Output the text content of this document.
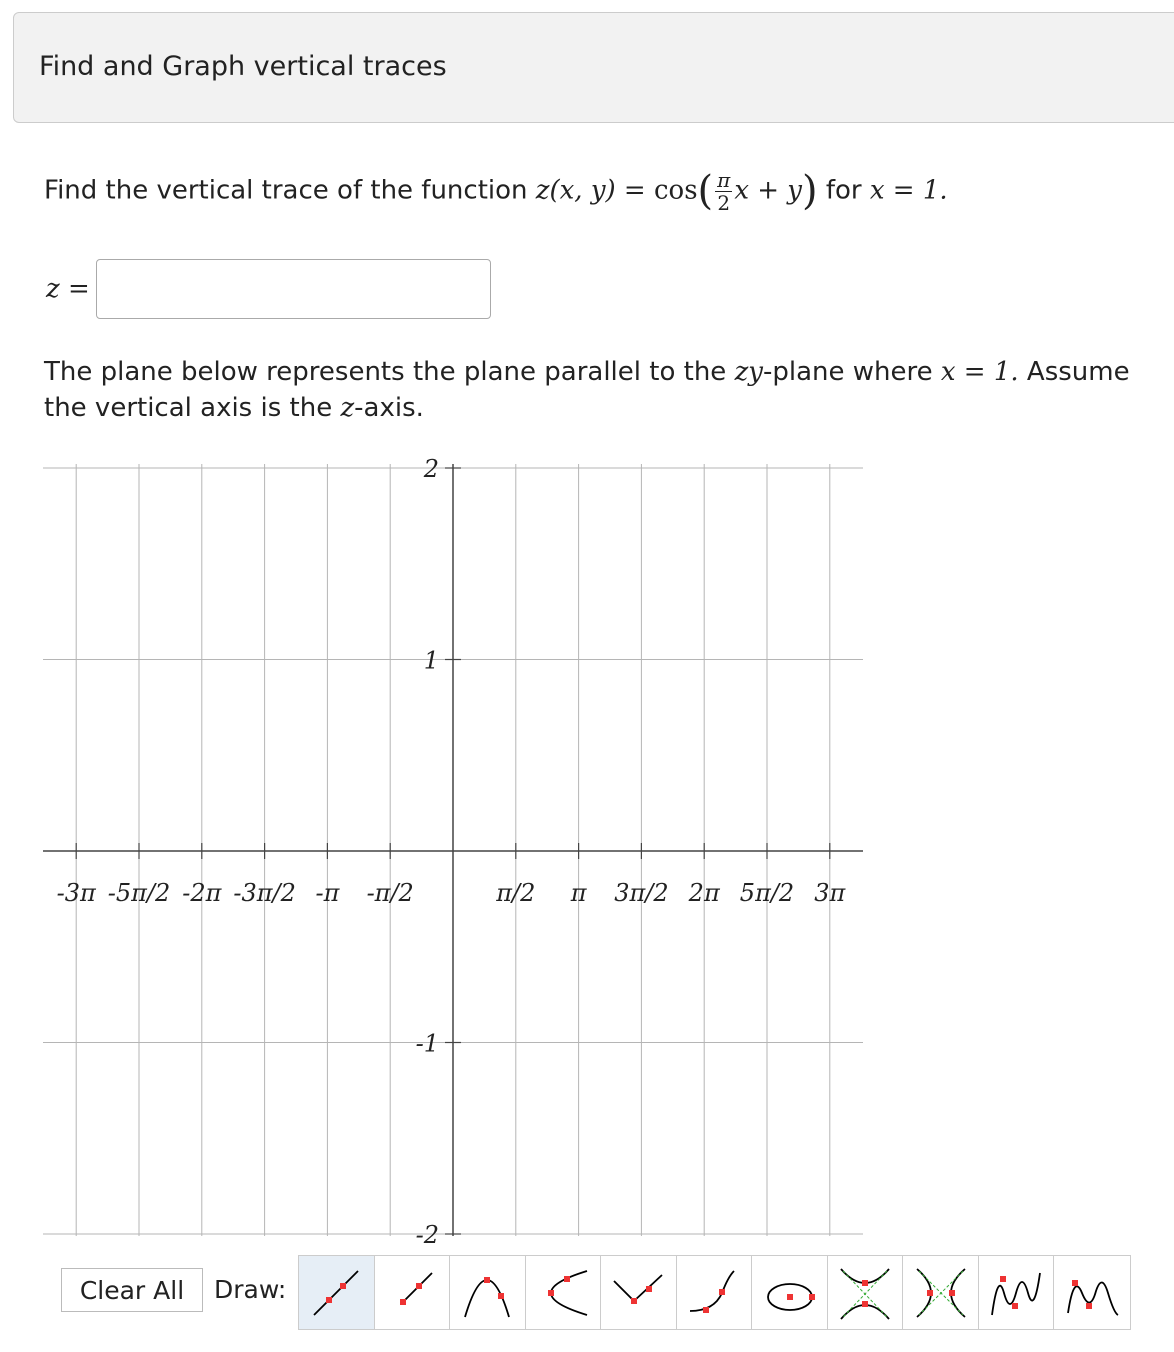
Find and Graph vertical traces
Find the vertical trace of the function z(x, $y) = \cos( \frac{\pi}{2}$ x + y) for x = 1.
z =
The plane below represents the plane parallel to the zy-plane where x = 1. Assume the vertical axis is the z-axis.
-3π -5π/2 -2π -3π/2 -π -π/2	π/2 π 3π/2 2π 5π/2 3π
2
1
-1
-2
Clear All	Draw:
